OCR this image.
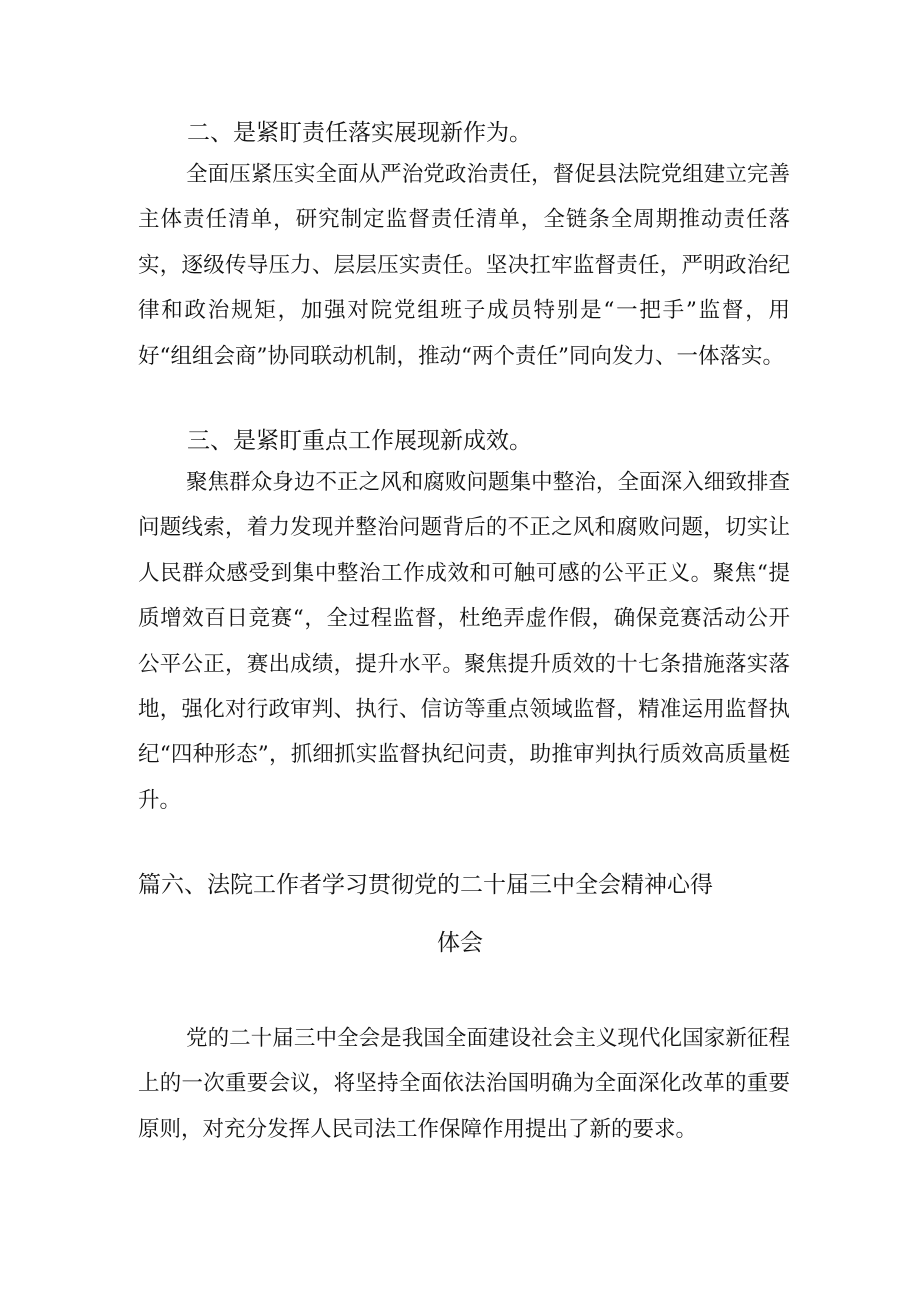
二、是紧盯责任落实展现新作为。

全面压紧压实全面从严治党政治责任，督促县法院党组建立完善主体责任清单，研究制定监督责任清单，全链条全周期推动责任落实，逐级传导压力、层层压实责任。坚决扛牢监督责任，严明政治纪律和政治规矩，加强对院党组班子成员特别是“一把手”监督，用好“组组会商”协同联动机制，推动“两个责任”同向发力、一体落实。

三、是紧盯重点工作展现新成效。

聚焦群众身边不正之风和腐败问题集中整治，全面深入细致排查问题线索，着力发现并整治问题背后的不正之风和腐败问题，切实让人民群众感受到集中整治工作成效和可触可感的公平正义。聚焦“提质增效百日竞赛“，全过程监督，杜绝弄虚作假，确保竞赛活动公开公平公正，赛出成绩，提升水平。聚焦提升质效的十七条措施落实落地，强化对行政审判、执行、信访等重点领域监督，精准运用监督执纪“四种形态”，抓细抓实监督执纪问责，助推审判执行质效高质量梃升。

篇六、法院工作者学习贯彻党的二十届三中全会精神心得
体会

党的二十届三中全会是我国全面建设社会主义现代化国家新征程上的一次重要会议，将坚持全面依法治国明确为全面深化改革的重要原则，对充分发挥人民司法工作保障作用提出了新的要求。
